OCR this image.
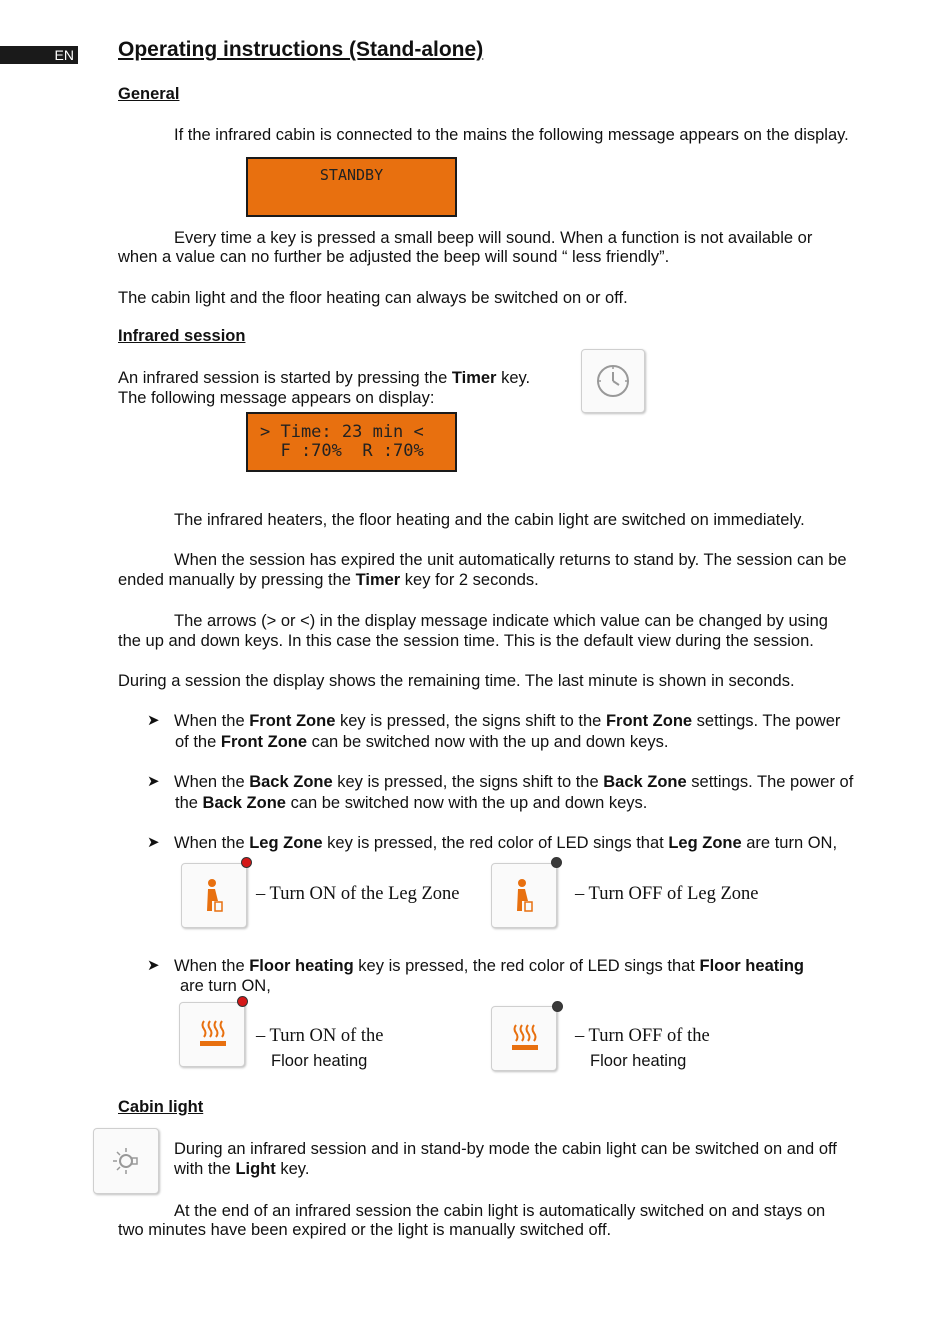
EN Operating instructions (Stand-alone)
General

If the infrared cabin is connected to the mains the following message appears on the display.

STANDBY

Every time a key is pressed a small beep will sound. When a function is not available or

when a value can no further be adjusted the beep will sound “ less friendly”.

The cabin light and the floor heating can always be switched on or off.

Infrared session

An infrared session is started by pressing the Timer key.

The following message appears on display:

> Time: 23 min <
F :70%  R :70%

The infrared heaters, the floor heating and the cabin light are switched on immediately.

When the session has expired the unit automatically returns to stand by. The session can be

ended manually by pressing the Timer key for 2 seconds.

The arrows (> or <) in the display message indicate which value can be changed by using

the up and down keys. In this case the session time. This is the default view during the session.

During a session the display shows the remaining time. The last minute is shown in seconds.

➤ When the Front Zone key is pressed, the signs shift to the Front Zone settings. The power

of the Front Zone can be switched now with the up and down keys.

➤ When the Back Zone key is pressed, the signs shift to the Back Zone settings. The power of

the Back Zone can be switched now with the up and down keys.

➤ When the Leg Zone key is pressed, the red color of LED sings that Leg Zone are turn ON,

– Turn ON of the Leg Zone	– Turn OFF of Leg Zone
➤ When the Floor heating key is pressed, the red color of LED sings that Floor heating

are turn ON,

– Turn ON of the
Floor heating
– Turn OFF of the
Floor heating
Cabin light

During an infrared session and in stand-by mode the cabin light can be switched on and off

with the Light key.

At the end of an infrared session the cabin light is automatically switched on and stays on

two minutes have been expired or the light is manually switched off.
